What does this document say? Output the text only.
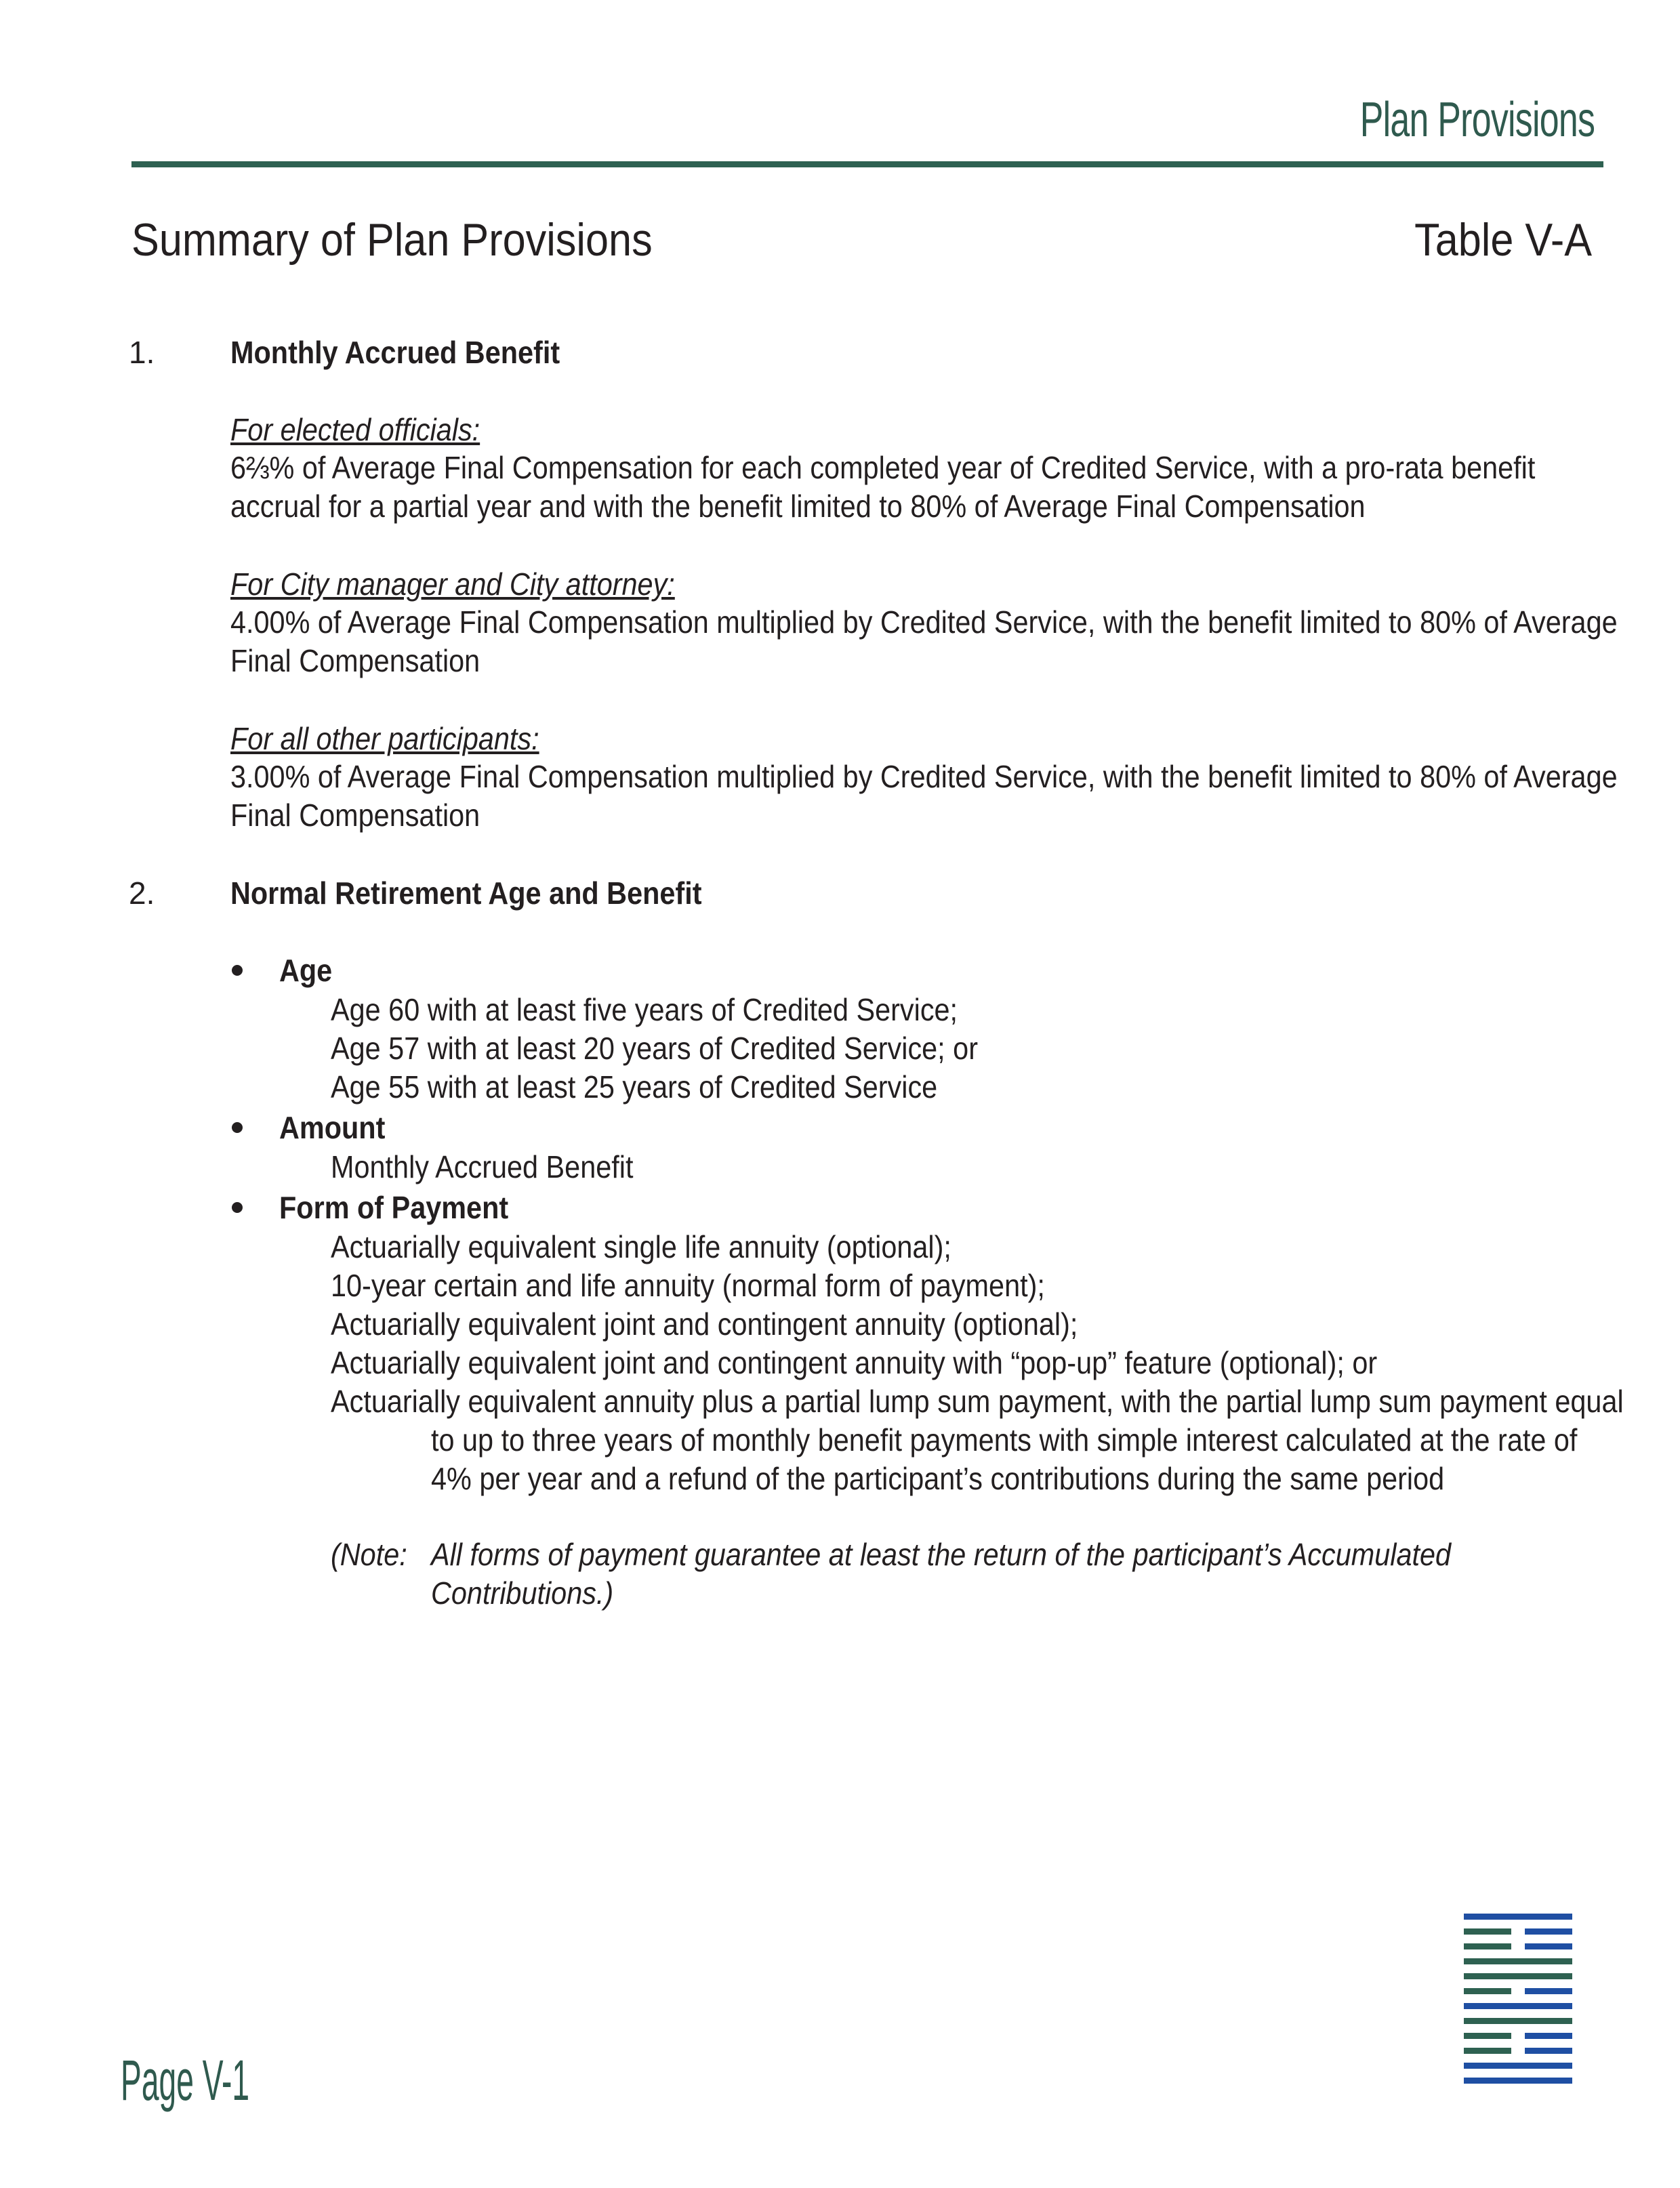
Plan Provisions
Summary of Plan Provisions	Table V-A
1. Monthly Accrued Benefit
For elected officials:
6⅔% of Average Final Compensation for each completed year of Credited Service, with a pro-rata benefit
accrual for a partial year and with the benefit limited to 80% of Average Final Compensation
For City manager and City attorney:
4.00% of Average Final Compensation multiplied by Credited Service, with the benefit limited to 80% of Average
Final Compensation
For all other participants:
3.00% of Average Final Compensation multiplied by Credited Service, with the benefit limited to 80% of Average
Final Compensation
2. Normal Retirement Age and Benefit
Age
Age 60 with at least five years of Credited Service;
Age 57 with at least 20 years of Credited Service; or
Age 55 with at least 25 years of Credited Service
Amount
Monthly Accrued Benefit
Form of Payment
Actuarially equivalent single life annuity (optional);
10-year certain and life annuity (normal form of payment);
Actuarially equivalent joint and contingent annuity (optional);
Actuarially equivalent joint and contingent annuity with “pop-up” feature (optional); or
Actuarially equivalent annuity plus a partial lump sum payment, with the partial lump sum payment equal
to up to three years of monthly benefit payments with simple interest calculated at the rate of
4% per year and a refund of the participant’s contributions during the same period
(Note: All forms of payment guarantee at least the return of the participant’s Accumulated
Contributions.)
Page V-1
